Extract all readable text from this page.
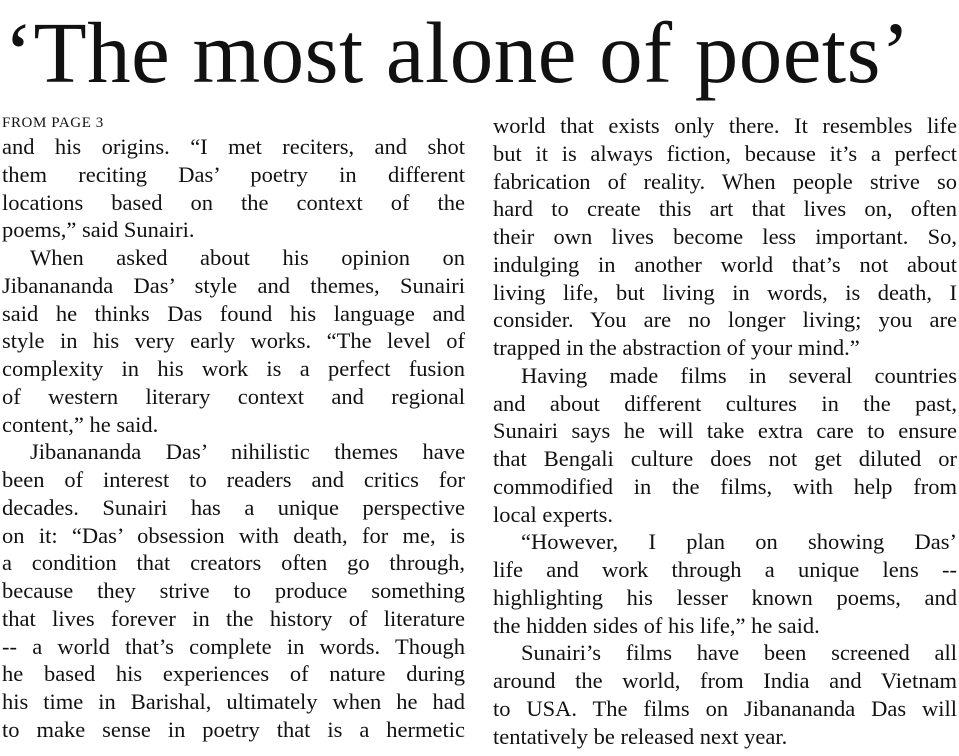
‘The most alone of poets’
FROM PAGE 3
and his origins. “I met reciters, and shot
them reciting Das’ poetry in different
locations based on the context of the
poems,” said Sunairi.
When asked about his opinion on
Jibanananda Das’ style and themes, Sunairi
said he thinks Das found his language and
style in his very early works. “The level of
complexity in his work is a perfect fusion
of western literary context and regional
content,” he said.
Jibanananda Das’ nihilistic themes have
been of interest to readers and critics for
decades. Sunairi has a unique perspective
on it: “Das’ obsession with death, for me, is
a condition that creators often go through,
because they strive to produce something
that lives forever in the history of literature
-- a world that’s complete in words. Though
he based his experiences of nature during
his time in Barishal, ultimately when he had
to make sense in poetry that is a hermetic
world that exists only there. It resembles life
but it is always fiction, because it’s a perfect
fabrication of reality. When people strive so
hard to create this art that lives on, often
their own lives become less important. So,
indulging in another world that’s not about
living life, but living in words, is death, I
consider. You are no longer living; you are
trapped in the abstraction of your mind.”
Having made films in several countries
and about different cultures in the past,
Sunairi says he will take extra care to ensure
that Bengali culture does not get diluted or
commodified in the films, with help from
local experts.
“However, I plan on showing Das’
life and work through a unique lens --
highlighting his lesser known poems, and
the hidden sides of his life,” he said.
Sunairi’s films have been screened all
around the world, from India and Vietnam
to USA. The films on Jibanananda Das will
tentatively be released next year.
